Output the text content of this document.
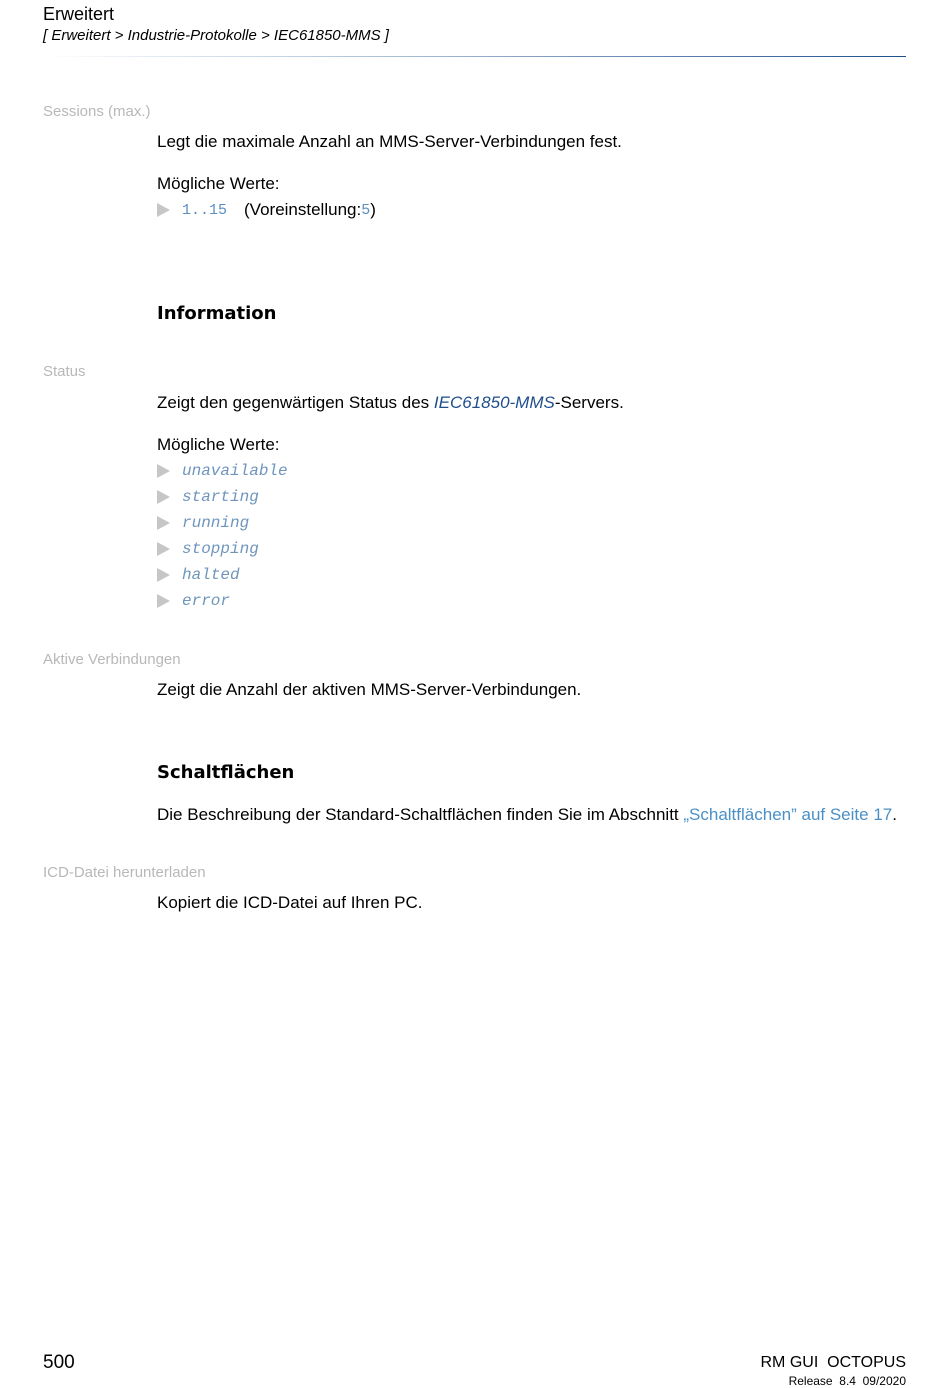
Erweitert
[ Erweitert > Industrie-Protokolle > IEC61850-MMS ]
Sessions (max.)
Legt die maximale Anzahl an MMS-Server-Verbindungen fest.
Mögliche Werte:
1..15 (Voreinstellung: 5 )
Information
Status
Zeigt den gegenwärtigen Status des IEC61850-MMS-Servers.
Mögliche Werte:
unavailable
starting
running
stopping
halted
error
Aktive Verbindungen
Zeigt die Anzahl der aktiven MMS-Server-Verbindungen.
Schaltflächen
Die Beschreibung der Standard-Schaltflächen finden Sie im Abschnitt „Schaltflächen” auf Seite 17.
ICD-Datei herunterladen
Kopiert die ICD-Datei auf Ihren PC.
500	RM GUI  OCTOPUS
Release  8.4  09/2020
